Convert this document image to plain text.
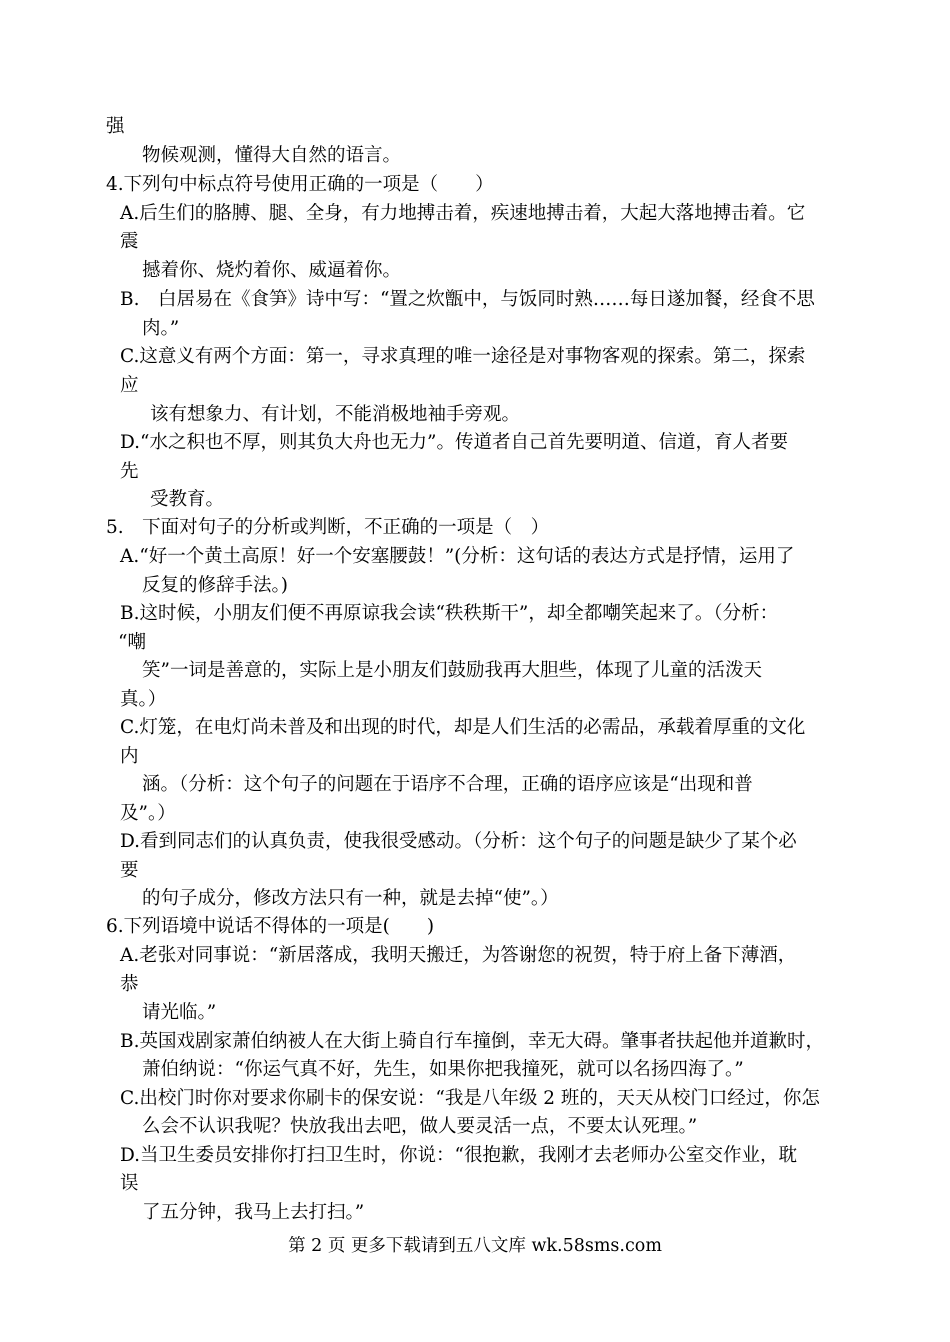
强
物候观测，懂得大自然的语言。
4.下列句中标点符号使用正确的一项是（　　）
A.后生们的胳膊、腿、全身，有力地搏击着，疾速地搏击着，大起大落地搏击着。它
震
撼着你、烧灼着你、威逼着你。
B.　白居易在《食笋》诗中写：“置之炊甑中，与饭同时熟……每日遂加餐，经食不思
肉。”
C.这意义有两个方面：第一，寻求真理的唯一途径是对事物客观的探索。第二，探索
应
该有想象力、有计划，不能消极地袖手旁观。
D.“水之积也不厚，则其负大舟也无力”。传道者自己首先要明道、信道，育人者要
先
受教育。
5.　下面对句子的分析或判断，不正确的一项是（　）
A.“好一个黄土高原！好一个安塞腰鼓！”(分析：这句话的表达方式是抒情，运用了
反复的修辞手法。)
B.这时候，小朋友们便不再原谅我会读“秩秩斯干”，却全都嘲笑起来了。（分析：
“嘲
笑”一词是善意的，实际上是小朋友们鼓励我再大胆些，体现了儿童的活泼天
真。）
C.灯笼，在电灯尚未普及和出现的时代，却是人们生活的必需品，承载着厚重的文化
内
涵。（分析：这个句子的问题在于语序不合理，正确的语序应该是“出现和普
及”。）
D.看到同志们的认真负责，使我很受感动。（分析：这个句子的问题是缺少了某个必
要
的句子成分，修改方法只有一种，就是去掉“使”。）
6.下列语境中说话不得体的一项是(　　)
A.老张对同事说：“新居落成，我明天搬迁，为答谢您的祝贺，特于府上备下薄酒，
恭
请光临。”
B.英国戏剧家萧伯纳被人在大街上骑自行车撞倒，幸无大碍。肇事者扶起他并道歉时，
萧伯纳说：“你运气真不好，先生，如果你把我撞死，就可以名扬四海了。”
C.出校门时你对要求你刷卡的保安说：“我是八年级 2 班的，天天从校门口经过，你怎
么会不认识我呢？快放我出去吧，做人要灵活一点，不要太认死理。”
D.当卫生委员安排你打扫卫生时，你说：“很抱歉，我刚才去老师办公室交作业，耽
误
了五分钟，我马上去打扫。”
第 2 页 更多下载请到五八文库 wk.58sms.com
